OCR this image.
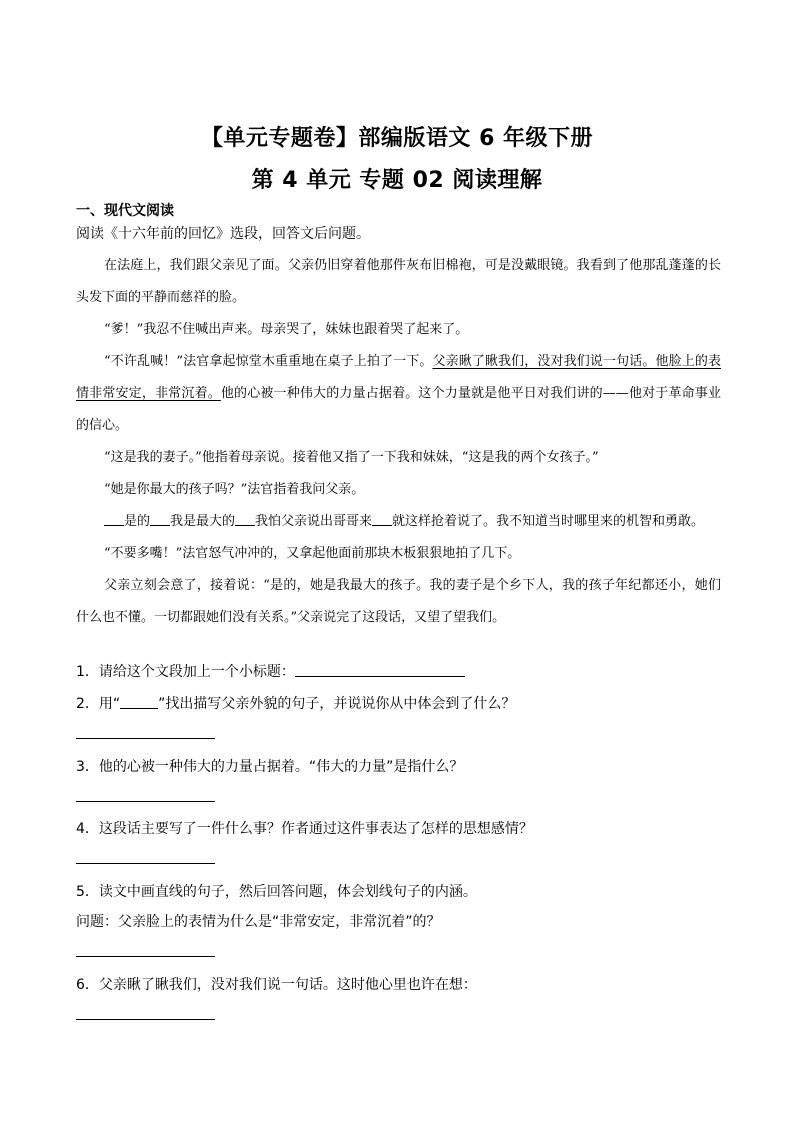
【单元专题卷】部编版语文 6 年级下册
第 4 单元 专题 02 阅读理解
一、现代文阅读
阅读《十六年前的回忆》选段，回答文后问题。

在法庭上，我们跟父亲见了面。父亲仍旧穿着他那件灰布旧棉袍，可是没戴眼镜。我看到了他那乱蓬蓬的长头发下面的平静而慈祥的脸。

“爹！”我忍不住喊出声来。母亲哭了，妹妹也跟着哭了起来了。

“不许乱喊！”法官拿起惊堂木重重地在桌子上拍了一下。父亲瞅了瞅我们，没对我们说一句话。他脸上的表情非常安定，非常沉着。他的心被一种伟大的力量占据着。这个力量就是他平日对我们讲的——他对于革命事业的信心。

“这是我的妻子。”他指着母亲说。接着他又指了一下我和妹妹，“这是我的两个女孩子。”

“她是你最大的孩子吗？”法官指着我问父亲。

是的 我是最大的 我怕父亲说出哥哥来 就这样抢着说了。我不知道当时哪里来的机智和勇敢。

“不要多嘴！”法官怒气冲冲的，又拿起他面前那块木板狠狠地拍了几下。

父亲立刻会意了，接着说：“是的，她是我最大的孩子。我的妻子是个乡下人，我的孩子年纪都还小，她们什么也不懂。一切都跟她们没有关系。”父亲说完了这段话，又望了望我们。

1．请给这个文段加上一个小标题：
2．用“	”找出描写父亲外貌的句子，并说说你从中体会到了什么？
3．他的心被一种伟大的力量占据着。“伟大的力量”是指什么？
4．这段话主要写了一件什么事？作者通过这件事表达了怎样的思想感情？
5．读文中画直线的句子，然后回答问题，体会划线句子的内涵。
问题：父亲脸上的表情为什么是“非常安定，非常沉着”的？
6．父亲瞅了瞅我们，没对我们说一句话。这时他心里也许在想：
